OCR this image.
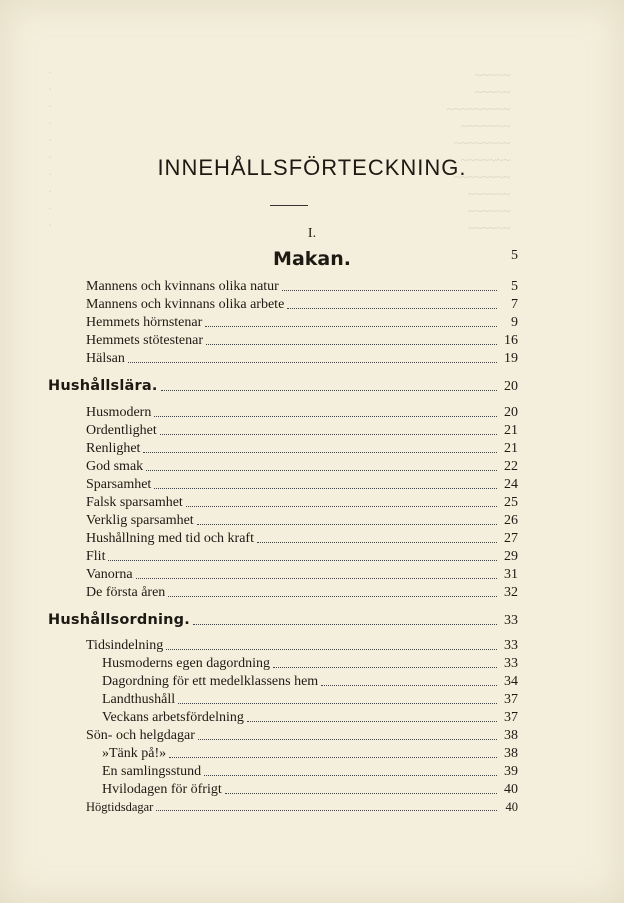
~~~~~
~~~~~
~~~~~~~~~
~~~~~~~
~~~~~~~~
~~~~~~~
~~~~~~~~
~~~~~~
~~~~~~
~~~~~~
·
·
·
·
·
·
·
·
·
·
INNEHÅLLSFÖRTECKNING.
I.
Makan.	5
Mannens och kvinnans olika natur	5
Mannens och kvinnans olika arbete	7
Hemmets hörnstenar	9
Hemmets stötestenar	16
Hälsan	19
Hushållslära.	20
Husmodern	20
Ordentlighet	21
Renlighet	21
God smak	22
Sparsamhet	24
Falsk sparsamhet	25
Verklig sparsamhet	26
Hushållning med tid och kraft	27
Flit	29
Vanorna	31
De första åren	32
Hushållsordning.	33
Tidsindelning	33
Husmoderns egen dagordning	33
Dagordning för ett medelklassens hem	34
Landthushåll	37
Veckans arbetsfördelning	37
Sön- och helgdagar	38
»Tänk på!»	38
En samlingsstund	39
Hvilodagen för öfrigt	40
Högtidsdagar	40
